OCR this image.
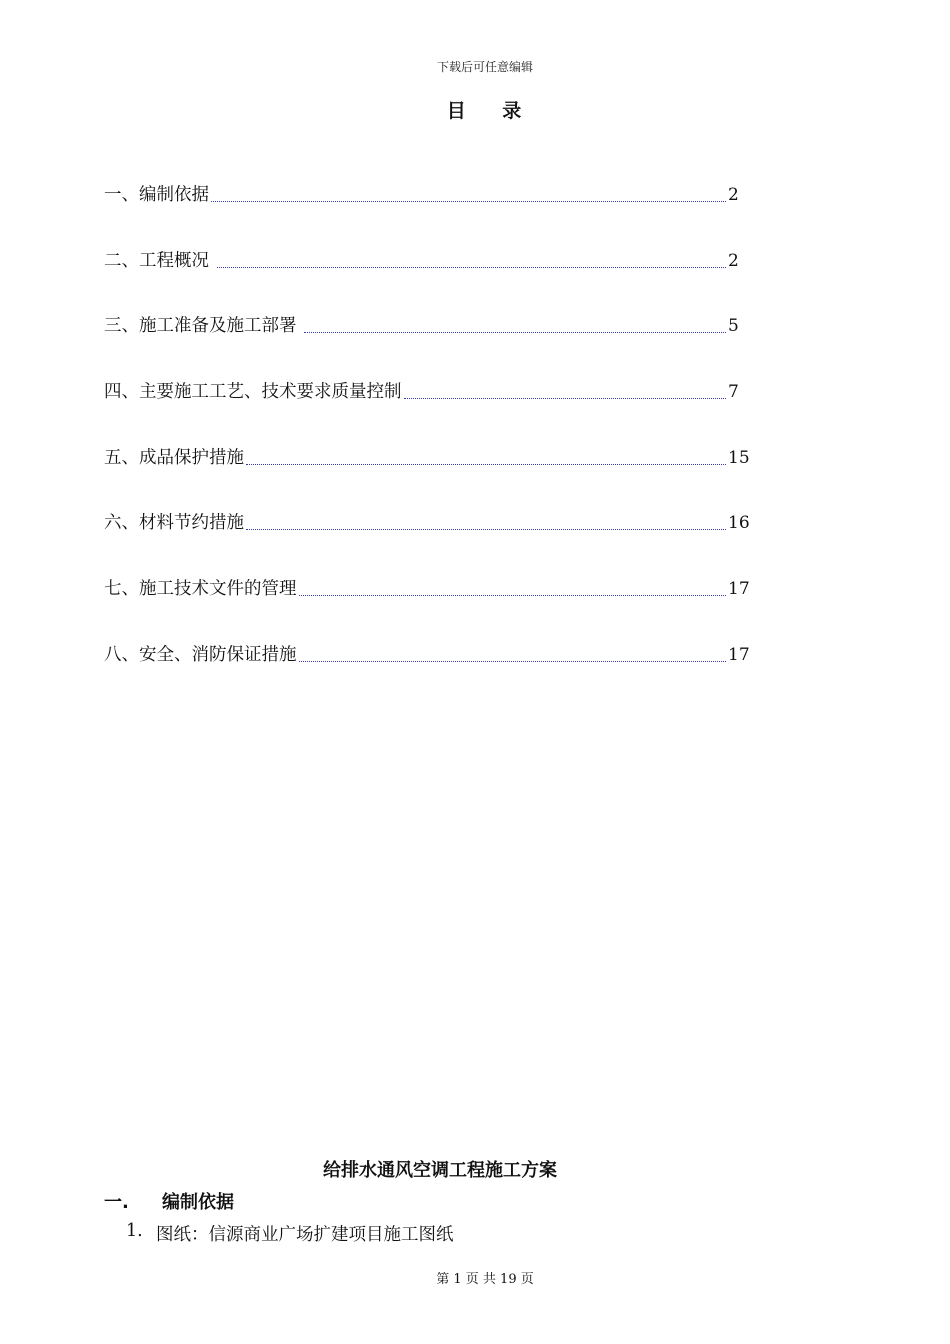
下载后可任意编辑
目    录
一、编制依据	2
二、工程概况	2
三、施工准备及施工部署	5
四、主要施工工艺、技术要求质量控制	7
五、成品保护措施	15
六、材料节约措施	16
七、施工技术文件的管理	17
八、安全、消防保证措施	17
给排水通风空调工程施工方案
一.	编制依据
1. 图纸：信源商业广场扩建项目施工图纸
第 1 页 共 19 页
